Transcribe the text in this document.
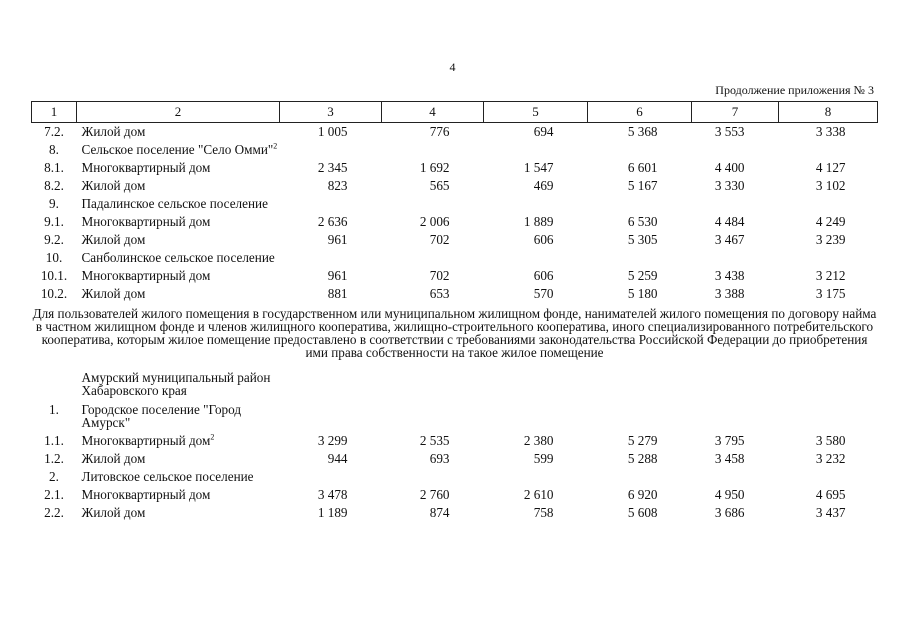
4
Продолжение приложения № 3
1	2	3	4	5	6	7	8
7.2.	Жилой дом	1 005	776	694	5 368	3 553	3 338
8.	Сельское поселение "Село Омми"$^2$	
8.1.	Многоквартирный дом	2 345	1 692	1 547	6 601	4 400	4 127
8.2.	Жилой дом	823	565	469	5 167	3 330	3 102
9.	Падалинское сельское поселение						
9.1.	Многоквартирный дом	2 636	2 006	1 889	6 530	4 484	4 249
9.2.	Жилой дом	961	702	606	5 305	3 467	3 239
10.	Санболинское сельское поселение						
10.1.	Многоквартирный дом	961	702	606	5 259	3 438	3 212
10.2.	Жилой дом	881	653	570	5 180	3 388	3 175
Для пользователей жилого помещения в государственном или муниципальном жилищном фонде, нанимателей жилого помещения по договору найма в частном жилищном фонде и членов жилищного кооператива, жилищно-строительного кооператива, иного специализированного потребительского кооператива, которым жилое помещение предоставлено в соответствии с требованиями законодательства Российской Федерации до приобретения ими права собственности на такое жилое помещение							
	Амурский муниципальный район Хабаровского края						
1.	Городское поселение "Город Амурск"						
1.1.	Многоквартирный дом$^2$	3 299	2 535	2 380	5 279	3 795	3 580
1.2.	Жилой дом	944	693	599	5 288	3 458	3 232
2.	Литовское сельское поселение						
2.1.	Многоквартирный дом	3 478	2 760	2 610	6 920	4 950	4 695
2.2.	Жилой дом	1 189	874	758	5 608	3 686	3 437
